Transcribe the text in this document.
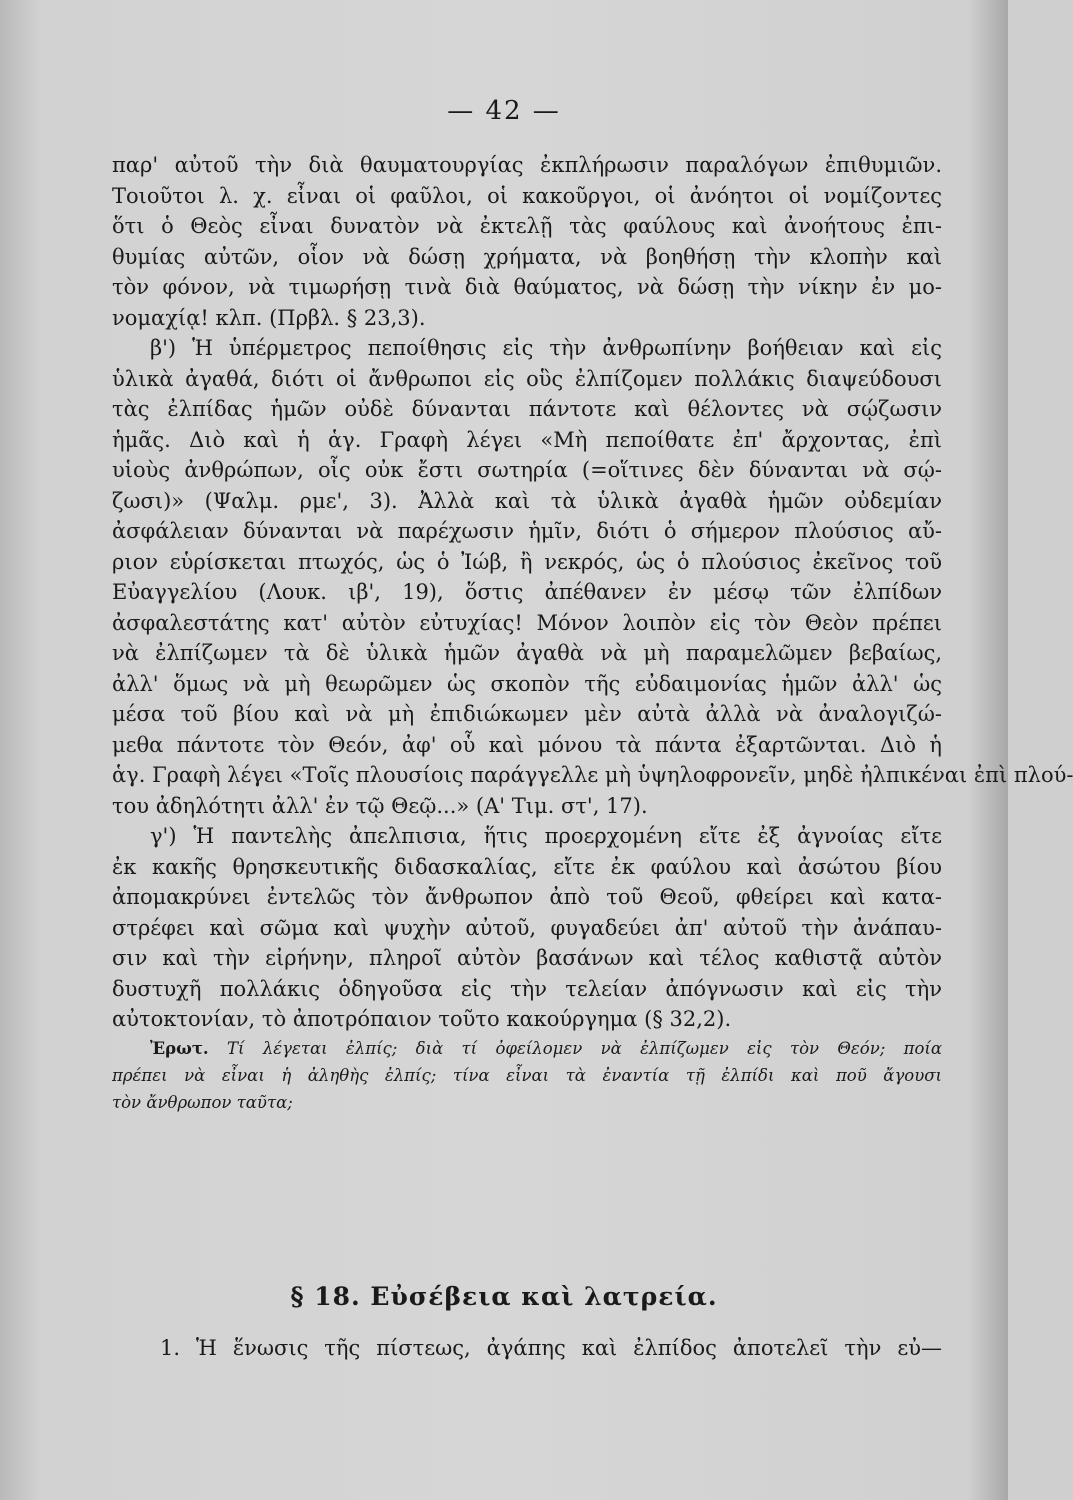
— 42 —
παρ' αὐτοῦ τὴν διὰ θαυματουργίας ἐκπλήρωσιν παραλόγων ἐπιθυμιῶν.
Τοιοῦτοι λ. χ. εἶναι οἱ φαῦλοι, οἱ κακοῦργοι, οἱ ἀνόητοι οἱ νομίζοντες
ὅτι ὁ Θεὸς εἶναι δυνατὸν νὰ ἐκτελῇ τὰς φαύλους καὶ ἀνοήτους ἐπι-
θυμίας αὐτῶν, οἷον νὰ δώσῃ χρήματα, νὰ βοηθήσῃ τὴν κλοπὴν καὶ
τὸν φόνον, νὰ τιμωρήσῃ τινὰ διὰ θαύματος, νὰ δώσῃ τὴν νίκην ἐν μο-
νομαχίᾳ! κλπ. (Πρβλ. § 23,3).
β') Ἡ ὑπέρμετρος πεποίθησις εἰς τὴν ἀνθρωπίνην βοήθειαν καὶ εἰς
ὑλικὰ ἀγαθά, διότι οἱ ἄνθρωποι εἰς οὓς ἐλπίζομεν πολλάκις διαψεύδουσι
τὰς ἐλπίδας ἡμῶν οὐδὲ δύνανται πάντοτε καὶ θέλοντες νὰ σῴζωσιν
ἡμᾶς. Διὸ καὶ ἡ ἁγ. Γραφὴ λέγει «Μὴ πεποίθατε ἐπ' ἄρχοντας, ἐπὶ
υἱοὺς ἀνθρώπων, οἷς οὐκ ἔστι σωτηρία (=οἵτινες δὲν δύνανται νὰ σῴ-
ζωσι)» (Ψαλμ. ρμε', 3). Ἀλλὰ καὶ τὰ ὑλικὰ ἀγαθὰ ἡμῶν οὐδεμίαν
ἀσφάλειαν δύνανται νὰ παρέχωσιν ἡμῖν, διότι ὁ σήμερον πλούσιος αὔ-
ριον εὑρίσκεται πτωχός, ὡς ὁ Ἰώβ, ἢ νεκρός, ὡς ὁ πλούσιος ἐκεῖνος τοῦ
Εὐαγγελίου (Λουκ. ιβ', 19), ὅστις ἀπέθανεν ἐν μέσῳ τῶν ἐλπίδων
ἀσφαλεστάτης κατ' αὐτὸν εὐτυχίας! Μόνον λοιπὸν εἰς τὸν Θεὸν πρέπει
νὰ ἐλπίζωμεν τὰ δὲ ὑλικὰ ἡμῶν ἀγαθὰ νὰ μὴ παραμελῶμεν βεβαίως,
ἀλλ' ὅμως νὰ μὴ θεωρῶμεν ὡς σκοπὸν τῆς εὐδαιμονίας ἡμῶν ἀλλ' ὡς
μέσα τοῦ βίου καὶ νὰ μὴ ἐπιδιώκωμεν μὲν αὐτὰ ἀλλὰ νὰ ἀναλογιζώ-
μεθα πάντοτε τὸν Θεόν, ἀφ' οὗ καὶ μόνου τὰ πάντα ἐξαρτῶνται. Διὸ ἡ
ἁγ. Γραφὴ λέγει «Τοῖς πλουσίοις παράγγελλε μὴ ὑψηλοφρονεῖν, μηδὲ ἠλπικέναι ἐπὶ πλού-
του ἀδηλότητι ἀλλ' ἐν τῷ Θεῷ...» (Α' Τιμ. στ', 17).
γ') Ἡ παντελὴς ἀπελπισια, ἥτις προερχομένη εἴτε ἐξ ἀγνοίας εἴτε
ἐκ κακῆς θρησκευτικῆς διδασκαλίας, εἴτε ἐκ φαύλου καὶ ἀσώτου βίου
ἀπομακρύνει ἐντελῶς τὸν ἄνθρωπον ἀπὸ τοῦ Θεοῦ, φθείρει καὶ κατα-
στρέφει καὶ σῶμα καὶ ψυχὴν αὐτοῦ, φυγαδεύει ἀπ' αὐτοῦ τὴν ἀνάπαυ-
σιν καὶ τὴν εἰρήνην, πληροῖ αὐτὸν βασάνων καὶ τέλος καθιστᾷ αὐτὸν
δυστυχῆ πολλάκις ὁδηγοῦσα εἰς τὴν τελείαν ἀπόγνωσιν καὶ εἰς τὴν
αὐτοκτονίαν, τὸ ἀποτρόπαιον τοῦτο κακούργημα (§ 32,2).
Ἐρωτ. Τί λέγεται ἐλπίς; διὰ τί ὀφείλομεν νὰ ἐλπίζωμεν εἰς τὸν Θεόν; ποία
πρέπει νὰ εἶναι ἡ ἀληθὴς ἐλπίς; τίνα εἶναι τὰ ἐναντία τῇ ἐλπίδι καὶ ποῦ ἄγουσι
τὸν ἄνθρωπον ταῦτα;
§ 18. Εὐσέβεια καὶ λατρεία.
1. Ἡ ἕνωσις τῆς πίστεως, ἀγάπης καὶ ἐλπίδος ἀποτελεῖ τὴν εὐ—
